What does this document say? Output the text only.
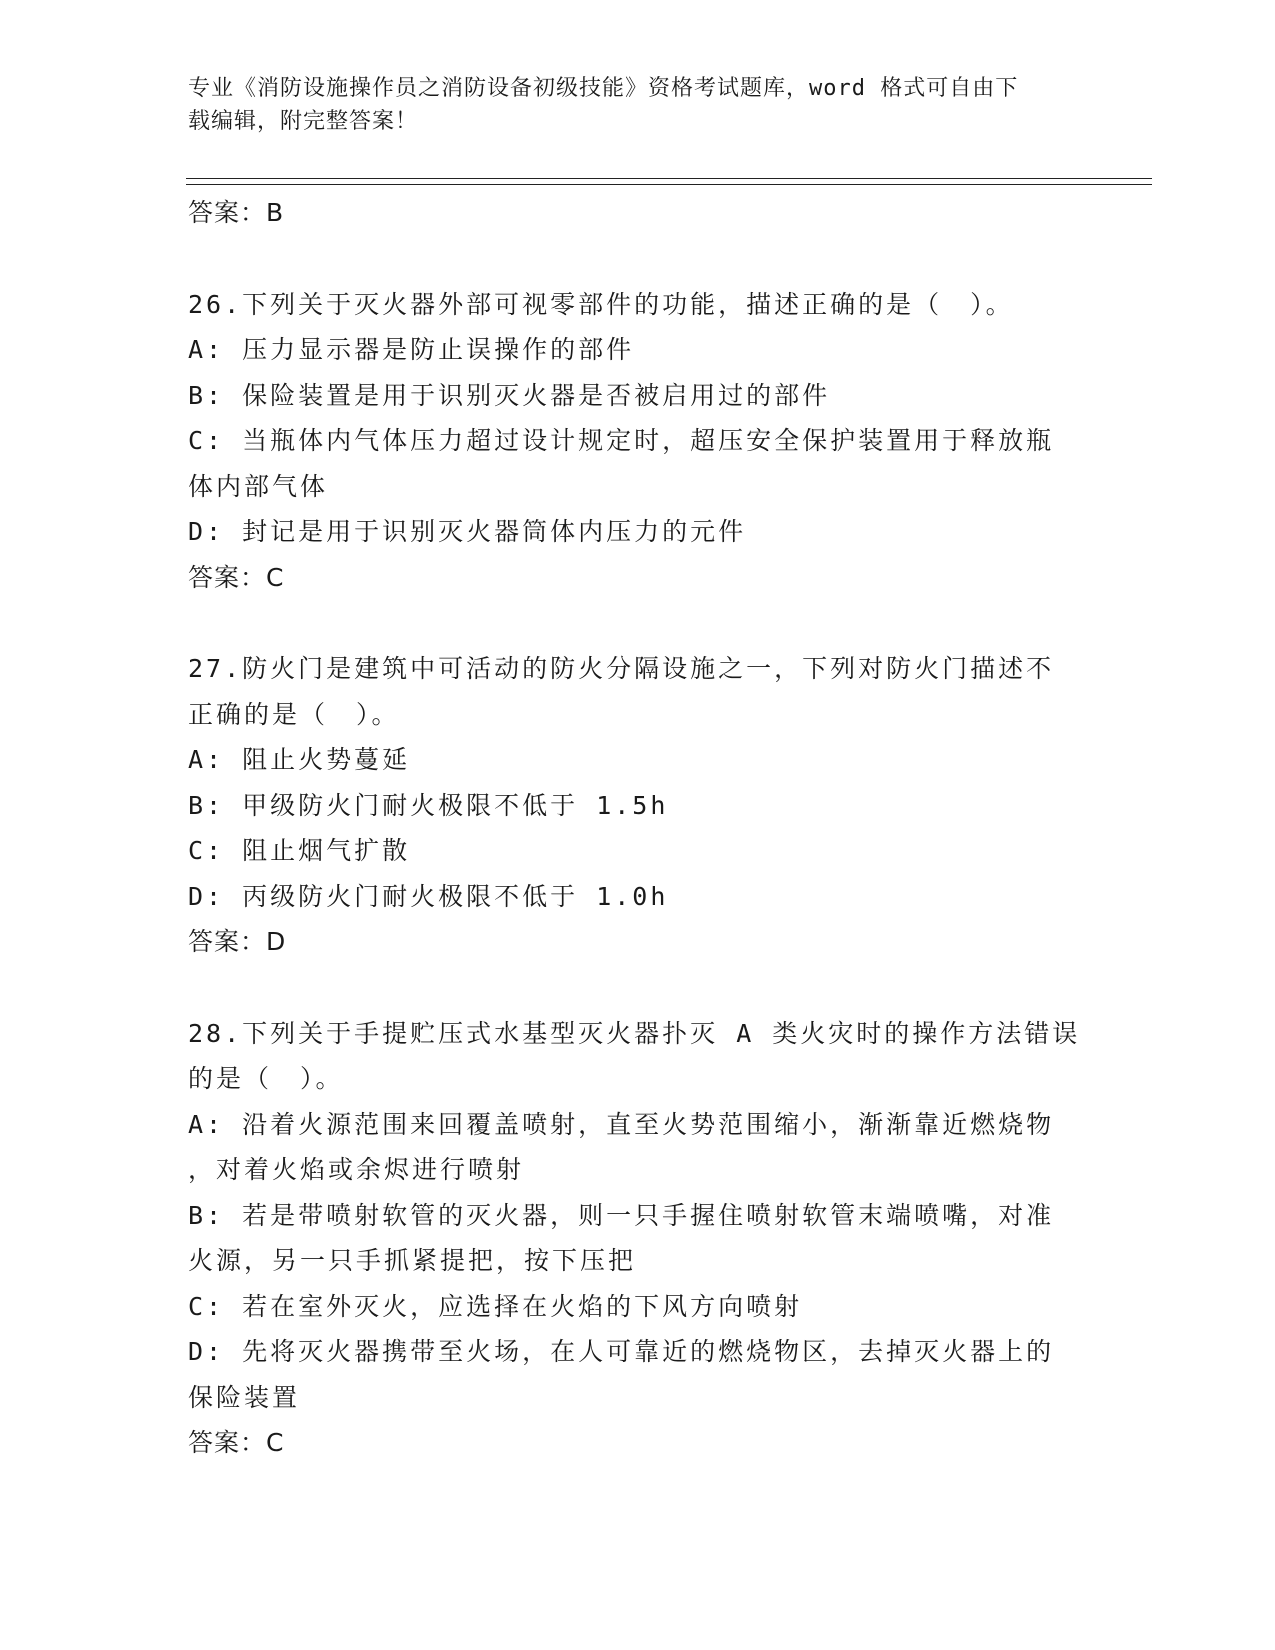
专业《消防设施操作员之消防设备初级技能》资格考试题库，word 格式可自由下
载编辑，附完整答案！
答案：B
26.下列关于灭火器外部可视零部件的功能，描述正确的是（　）。
A: 压力显示器是防止误操作的部件
B: 保险装置是用于识别灭火器是否被启用过的部件
C: 当瓶体内气体压力超过设计规定时，超压安全保护装置用于释放瓶
体内部气体
D: 封记是用于识别灭火器筒体内压力的元件
答案：C
27.防火门是建筑中可活动的防火分隔设施之一，下列对防火门描述不
正确的是（　）。
A: 阻止火势蔓延
B: 甲级防火门耐火极限不低于 1.5h
C: 阻止烟气扩散
D: 丙级防火门耐火极限不低于 1.0h
答案：D
28.下列关于手提贮压式水基型灭火器扑灭 A 类火灾时的操作方法错误
的是（　）。
A: 沿着火源范围来回覆盖喷射，直至火势范围缩小，渐渐靠近燃烧物
，对着火焰或余烬进行喷射
B: 若是带喷射软管的灭火器，则一只手握住喷射软管末端喷嘴，对准
火源，另一只手抓紧提把，按下压把
C: 若在室外灭火，应选择在火焰的下风方向喷射
D: 先将灭火器携带至火场，在人可靠近的燃烧物区，去掉灭火器上的
保险装置
答案：C
